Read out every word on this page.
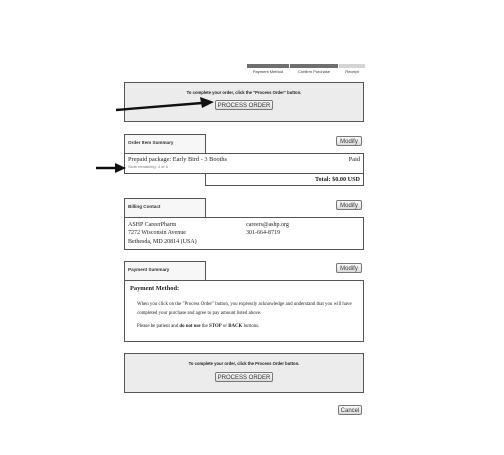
Payment Method	Confirm Purchase	Receipt
To complete your order, click the "Process Order" button.
PROCESS ORDER
Order Item Summary	Modify
Prepaid package: Early Bird - 3 Booths	Paid
Slots remaining: 4 of 6
Total: $0.00 USD
Billing Contact	Modify
ASHP CareerPharm
7272 Wisconsin Avenue
Bethesda, MD 20814 (USA)
careers@ashp.org
301-664-8719
Payment Summary	Modify
Payment Method:
When you click on the "Process Order" button, you expressly acknowledge and understand that you will have completed your purchase and agree to pay amount listed above.
Please be patient and do not use the STOP or BACK buttons.
To complete your order, click the Process Order button.
PROCESS ORDER
Cancel
